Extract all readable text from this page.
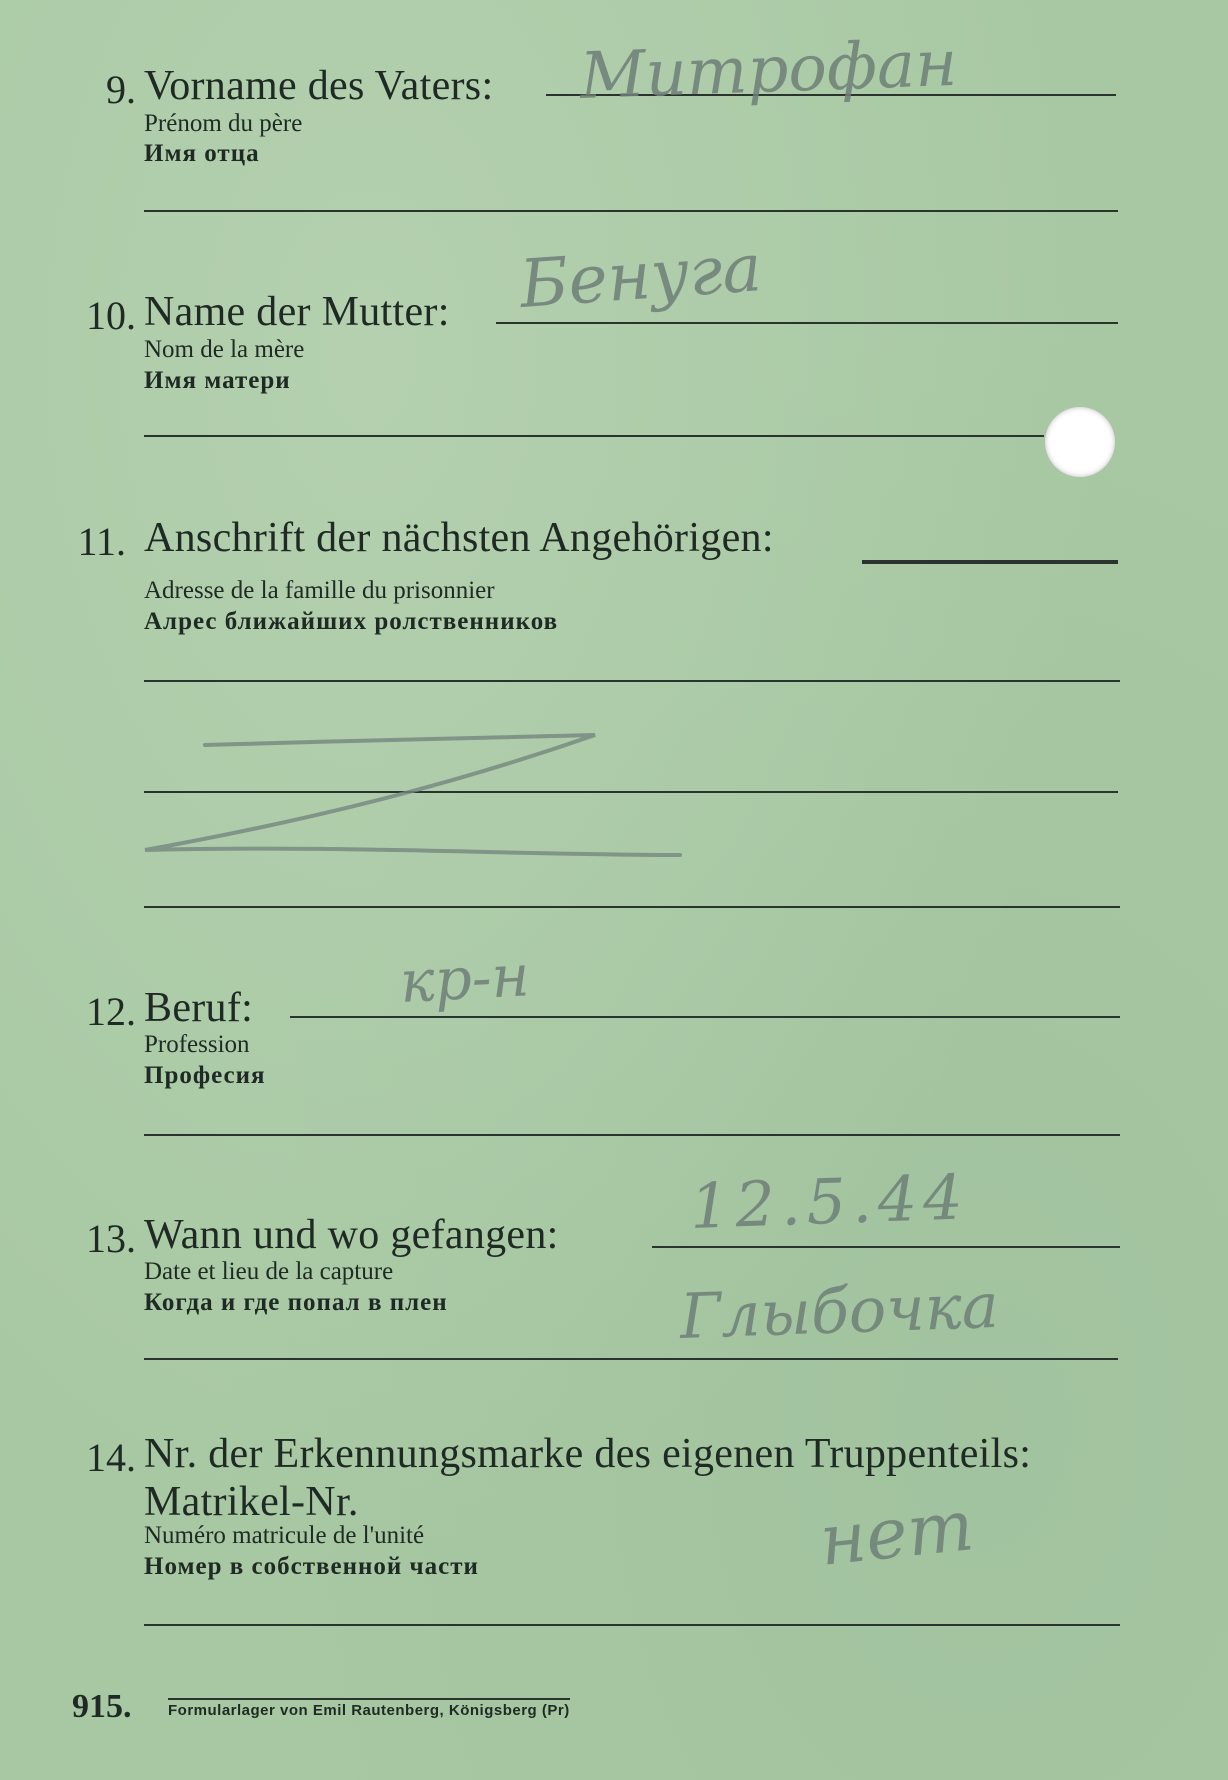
9. Vorname des Vaters:
Prénom du père
Имя отца
Митрофан
10. Name der Mutter:
Nom de la mère
Имя матери
Бенуга
11. Anschrift der nächsten Angehörigen:
Adresse de la famille du prisonnier
Алрес ближайших ролственников
12. Beruf:
Profession
Професия
кр-н
13. Wann und wo gefangen:
Date et lieu de la capture
Когда и где попал в плен
12.5.44
Глыбочка
14. Nr. der Erkennungsmarke des eigenen Truppenteils:
Matrikel-Nr.
Numéro matricule de l'unité
Номер в собственной части	нет
915. Formularlager von Emil Rautenberg, Königsberg (Pr)
